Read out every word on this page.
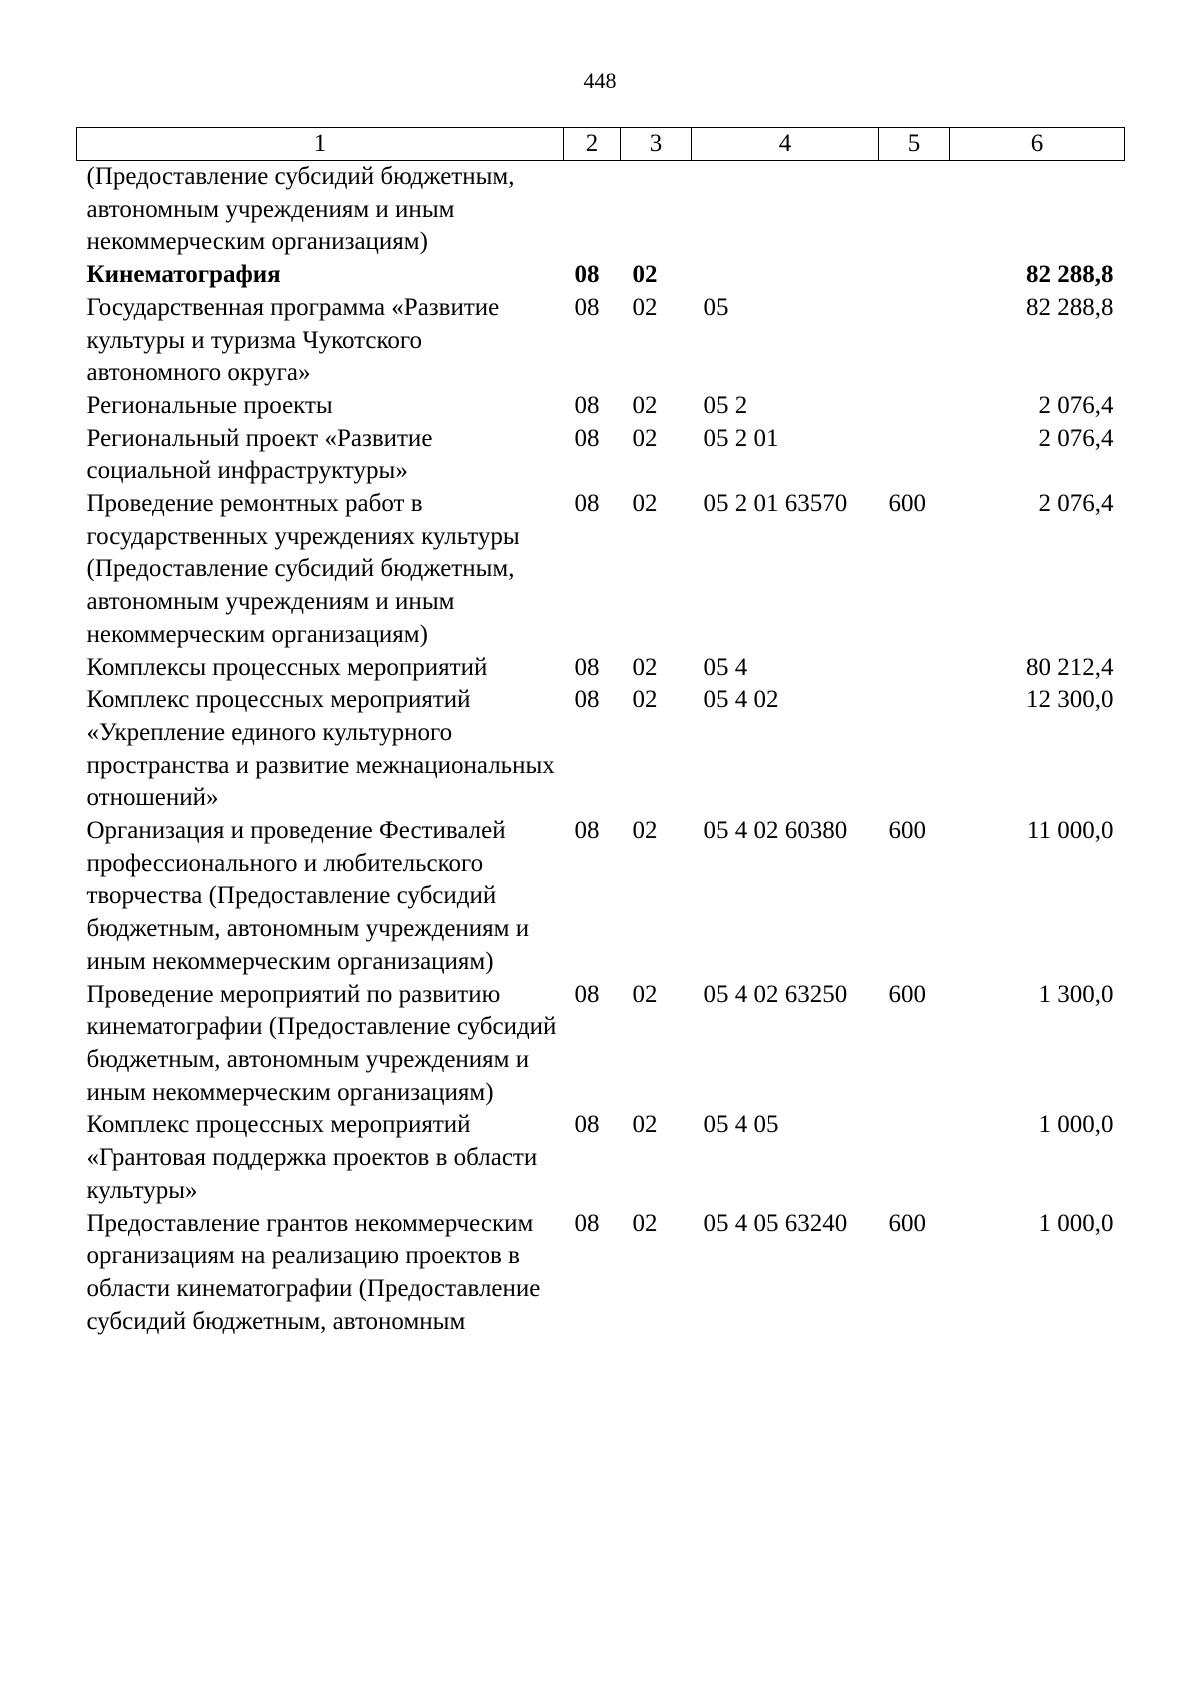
448
1	2	3	4	5	6
(Предоставление субсидий бюджетным, автономным учреждениям и иным некоммерческим организациям)					
Кинематография	08	02			82 288,8
Государственная программа «Развитие культуры и туризма Чукотского автономного округа»	08	02	05		82 288,8
Региональные проекты	08	02	05 2		2 076,4
Региональный проект «Развитие социальной инфраструктуры»	08	02	05 2 01		2 076,4
Проведение ремонтных работ в государственных учреждениях культуры (Предоставление субсидий бюджетным, автономным учреждениям и иным некоммерческим организациям)	08	02	05 2 01 63570	600	2 076,4
Комплексы процессных мероприятий	08	02	05 4		80 212,4
Комплекс процессных мероприятий «Укрепление единого культурного пространства и развитие межнациональных отношений»	08	02	05 4 02		12 300,0
Организация и проведение Фестивалей профессионального и любительского творчества (Предоставление субсидий бюджетным, автономным учреждениям и иным некоммерческим организациям)	08	02	05 4 02 60380	600	11 000,0
Проведение мероприятий по развитию кинематографии (Предоставление субсидий бюджетным, автономным учреждениям и иным некоммерческим организациям)	08	02	05 4 02 63250	600	1 300,0
Комплекс процессных мероприятий «Грантовая поддержка проектов в области культуры»	08	02	05 4 05		1 000,0
Предоставление грантов некоммерческим организациям на реализацию проектов в области кинематографии (Предоставление субсидий бюджетным, автономным	08	02	05 4 05 63240	600	1 000,0
